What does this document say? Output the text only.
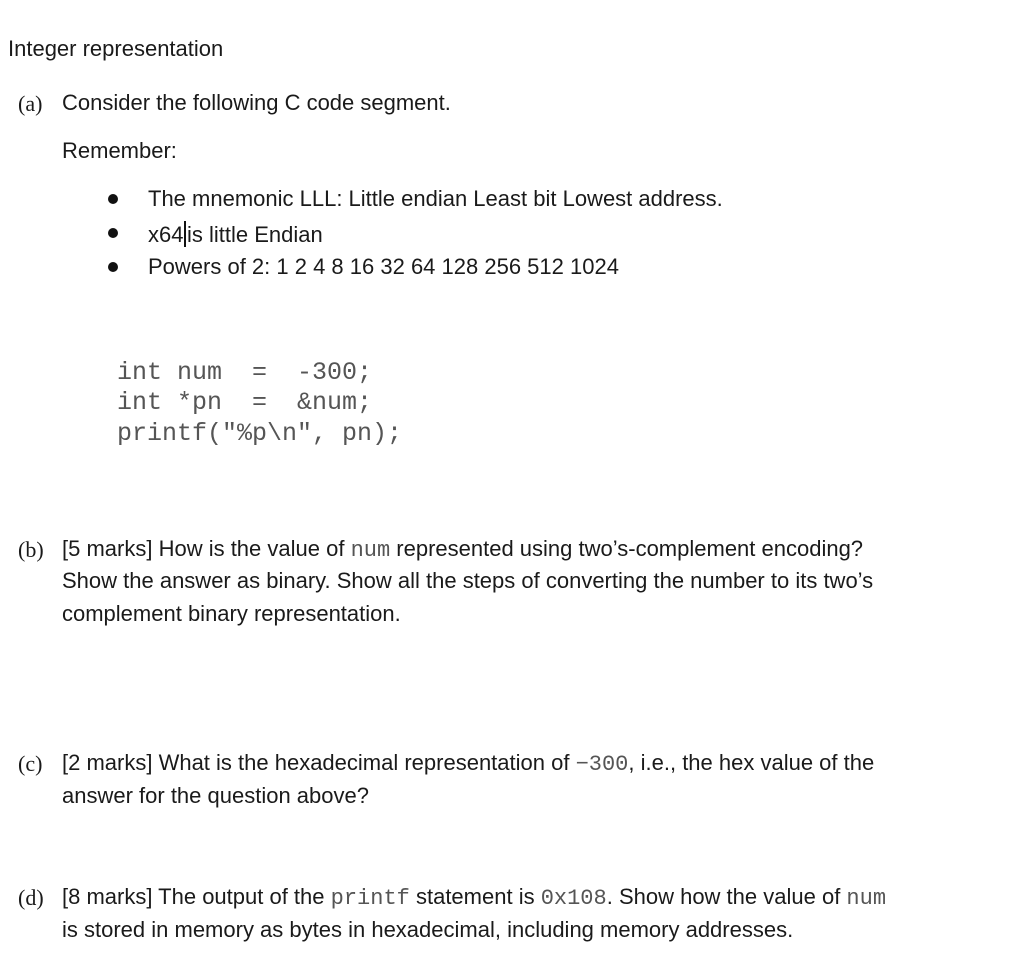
Integer representation
(a) Consider the following C code segment.
Remember:
The mnemonic LLL: Little endian Least bit Lowest address.
x64 is little Endian
Powers of 2: 1 2 4 8 16 32 64 128 256 512 1024
int num  =  -300;
int *pn  =  &num;
printf("%p\n", pn);
(b) [5 marks] How is the value of num represented using two’s-complement encoding?
Show the answer as binary. Show all the steps of converting the number to its two’s
complement binary representation.
(c) [2 marks] What is the hexadecimal representation of −300, i.e., the hex value of the
answer for the question above?
(d) [8 marks] The output of the printf statement is 0x108. Show how the value of num
is stored in memory as bytes in hexadecimal, including memory addresses.
